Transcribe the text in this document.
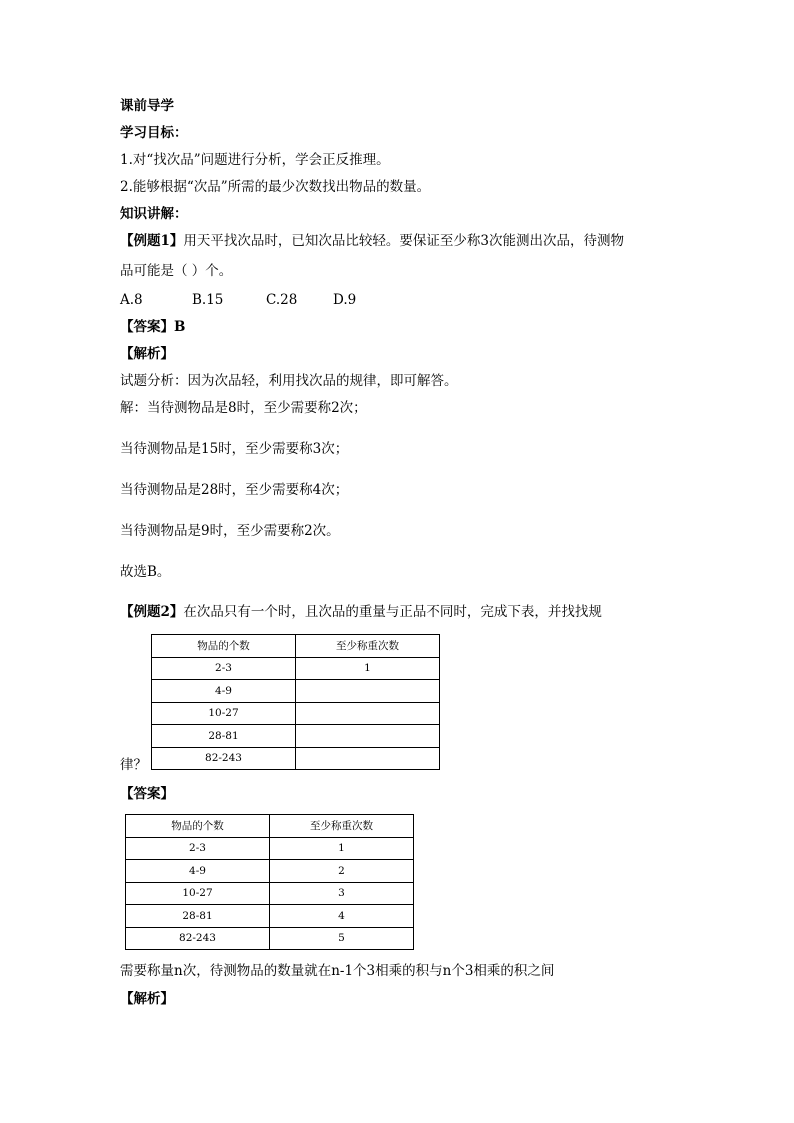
课前导学
学习目标：
1.对“找次品”问题进行分析，学会正反推理。
2.能够根据“次品”所需的最少次数找出物品的数量。
知识讲解：
【例题1】用天平找次品时，已知次品比较轻。要保证至少称3次能测出次品，待测物
品可能是（ ）个。
A.8	B.15	C.28	D.9
【答案】B
【解析】
试题分析：因为次品轻，利用找次品的规律，即可解答。
解：当待测物品是8时，至少需要称2次；
当待测物品是15时，至少需要称3次；
当待测物品是28时，至少需要称4次；
当待测物品是9时，至少需要称2次。
故选B。
【例题2】在次品只有一个时，且次品的重量与正品不同时，完成下表，并找找规
物品的个数	至少称重次数
2-3	1
4-9	
10-27	
28-81	
82-243	
律？
【答案】
物品的个数	至少称重次数
2-3	1
4-9	2
10-27	3
28-81	4
82-243	5
需要称量n次，待测物品的数量就在n-1个3相乘的积与n个3相乘的积之间
【解析】
